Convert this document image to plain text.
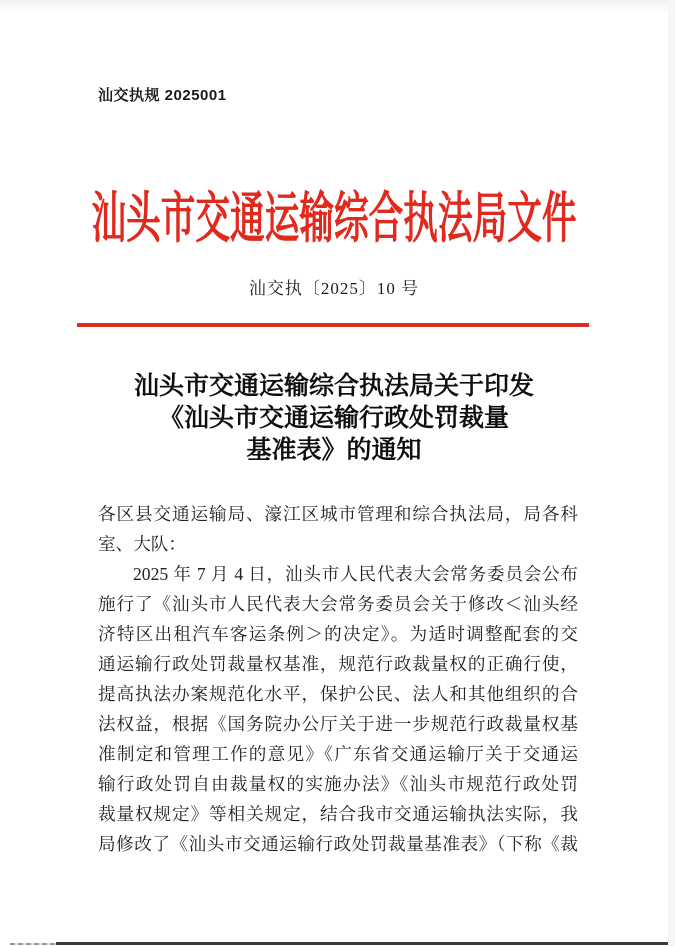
汕交执规 2025001
汕头市交通运输综合执法局文件
汕交执〔2025〕10 号
汕头市交通运输综合执法局关于印发
《汕头市交通运输行政处罚裁量
基准表》的通知
各区县交通运输局、濠江区城市管理和综合执法局，局各科
室、大队：
2025 年 7 月 4 日，汕头市人民代表大会常务委员会公布
施行了《汕头市人民代表大会常务委员会关于修改＜汕头经
济特区出租汽车客运条例＞的决定》。为适时调整配套的交
通运输行政处罚裁量权基准，规范行政裁量权的正确行使，
提高执法办案规范化水平，保护公民、法人和其他组织的合
法权益，根据《国务院办公厅关于进一步规范行政裁量权基
准制定和管理工作的意见》《广东省交通运输厅关于交通运
输行政处罚自由裁量权的实施办法》《汕头市规范行政处罚
裁量权规定》等相关规定，结合我市交通运输执法实际，我
局修改了《汕头市交通运输行政处罚裁量基准表》（下称《裁
